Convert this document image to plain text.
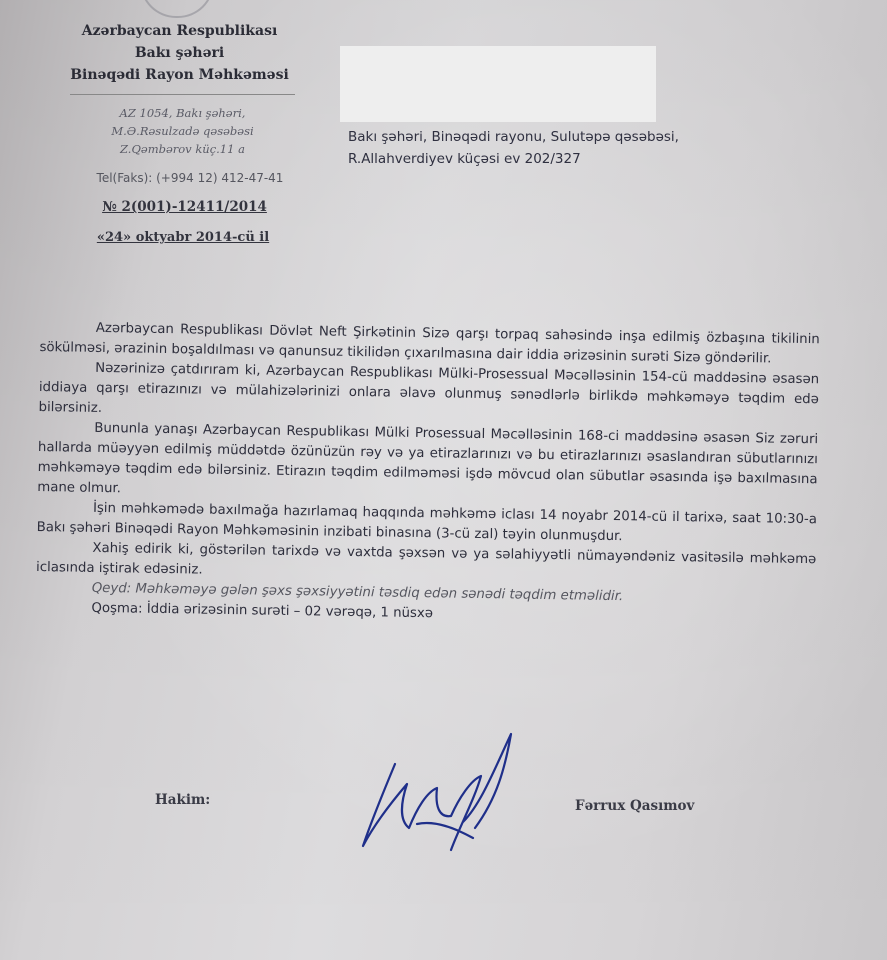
Azərbaycan Respublikası
Bakı şəhəri
Binəqədi Rayon Məhkəməsi
AZ 1054, Bakı şəhəri,
M.Ə.Rəsulzadə qəsəbəsi
Z.Qəmbərov küç.11 a
Tel(Faks): (+994 12) 412-47-41
№ 2(001)-12411/2014
«24» oktyabr 2014-cü il
Bakı şəhəri, Binəqədi rayonu, Sulutəpə qəsəbəsi,
R.Allahverdiyev küçəsi ev 202/327

Azərbaycan Respublikası Dövlət Neft Şirkətinin Sizə qarşı torpaq sahəsində inşa edilmiş özbaşına tikilinin sökülməsi, ərazinin boşaldılması və qanunsuz tikilidən çıxarılmasına dair iddia ərizəsinin surəti Sizə göndərilir.

Nəzərinizə çatdırıram ki, Azərbaycan Respublikası Mülki-Prosessual Məcəlləsinin 154-cü maddəsinə əsasən iddiaya qarşı etirazınızı və mülahizələrinizi onlara əlavə olunmuş sənədlərlə birlikdə məhkəməyə təqdim edə bilərsiniz.

Bununla yanaşı Azərbaycan Respublikası Mülki Prosessual Məcəlləsinin 168-ci maddəsinə əsasən Siz zəruri hallarda müəyyən edilmiş müddətdə özünüzün rəy və ya etirazlarınızı və bu etirazlarınızı əsaslandıran sübutlarınızı məhkəməyə təqdim edə bilərsiniz. Etirazın təqdim edilməməsi işdə mövcud olan sübutlar əsasında işə baxılmasına mane olmur.

İşin məhkəmədə baxılmağa hazırlamaq haqqında məhkəmə iclası 14 noyabr 2014-cü il tarixə, saat 10:30-a Bakı şəhəri Binəqədi Rayon Məhkəməsinin inzibati binasına (3-cü zal) təyin olunmuşdur.

Xahiş edirik ki, göstərilən tarixdə və vaxtda şəxsən və ya səlahiyyətli nümayəndəniz vasitəsilə məhkəmə iclasında iştirak edəsiniz.

Qeyd: Məhkəməyə gələn şəxs şəxsiyyətini təsdiq edən sənədi təqdim etməlidir.

Qoşma: İddia ərizəsinin surəti – 02 vərəqə, 1 nüsxə

Hakim:	Fərrux Qasımov
